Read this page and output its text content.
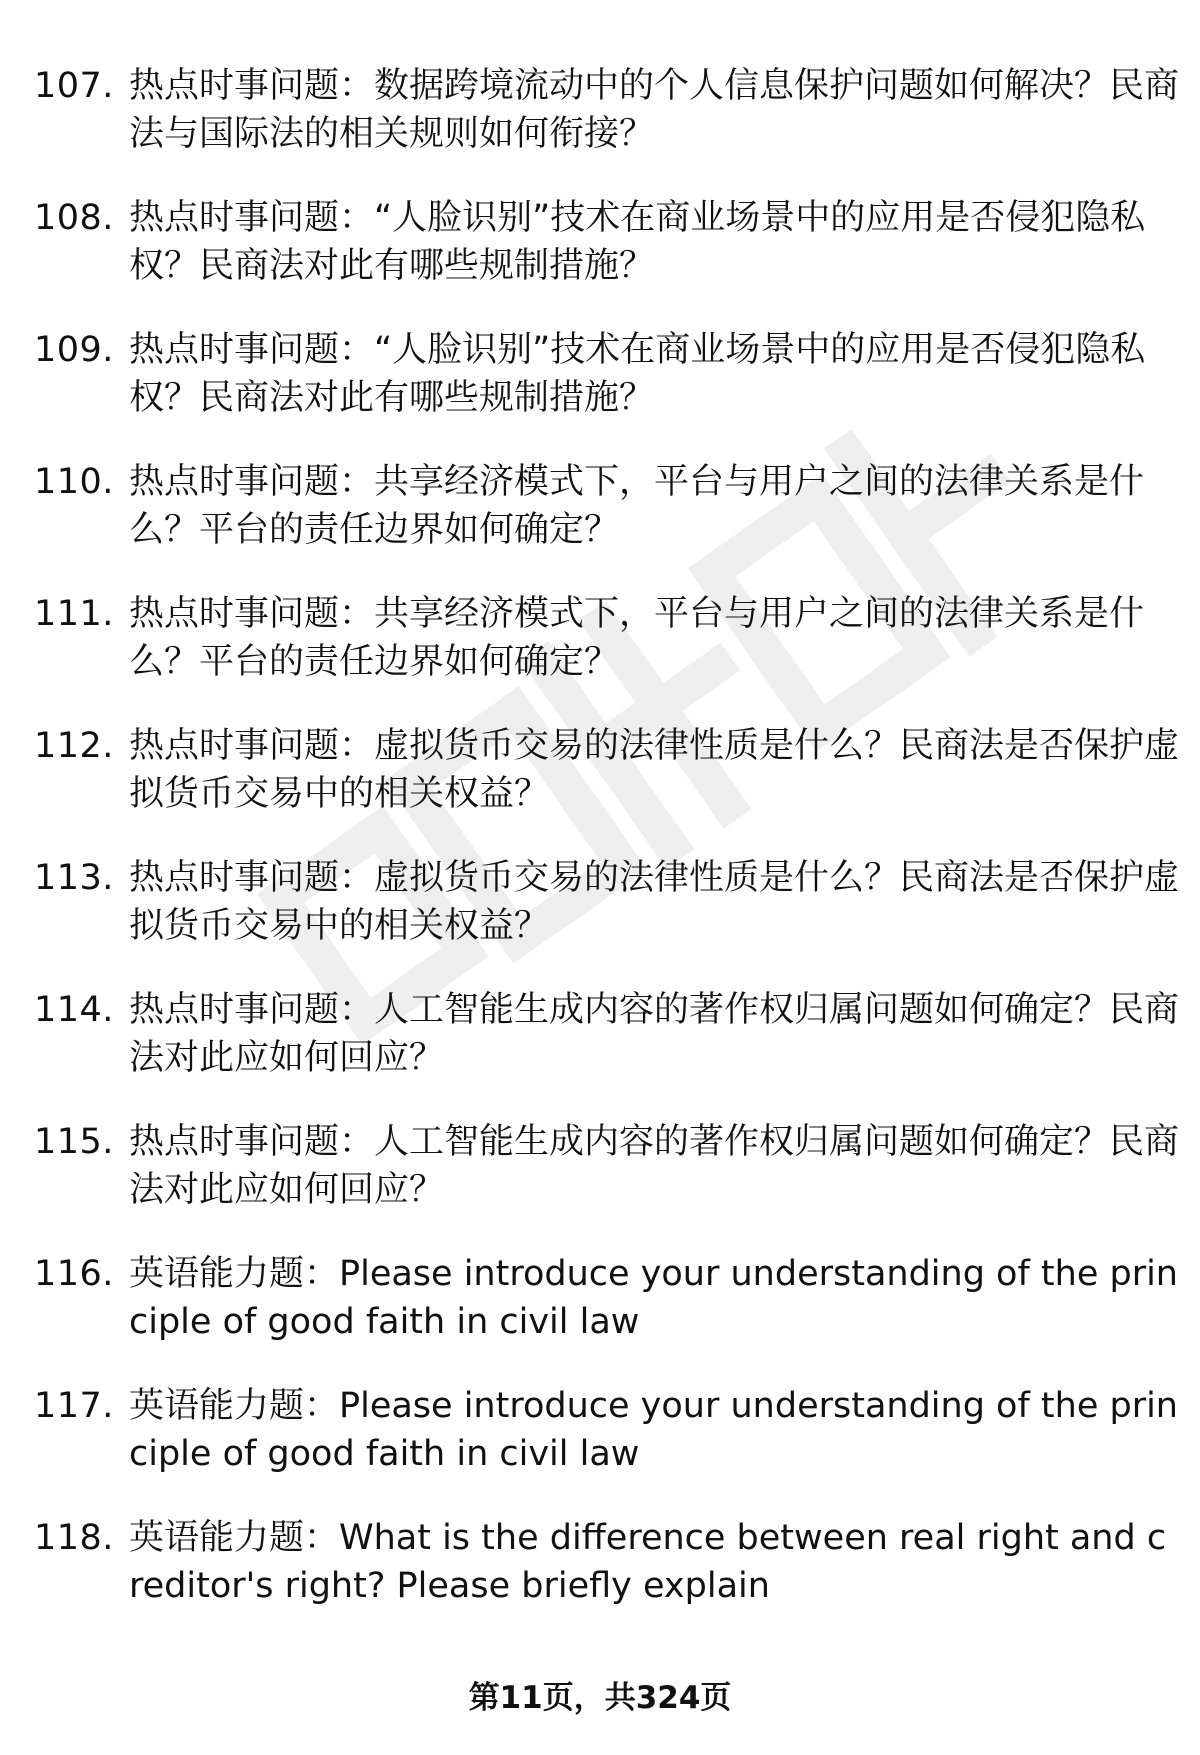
107. 热点时事问题：数据跨境流动中的个人信息保护问题如何解决？民商法与国际法的相关规则如何衔接？

108. 热点时事问题：“人脸识别”技术在商业场景中的应用是否侵犯隐私权？民商法对此有哪些规制措施？

109. 热点时事问题：“人脸识别”技术在商业场景中的应用是否侵犯隐私权？民商法对此有哪些规制措施？

110. 热点时事问题：共享经济模式下，平台与用户之间的法律关系是什么？平台的责任边界如何确定？

111. 热点时事问题：共享经济模式下，平台与用户之间的法律关系是什么？平台的责任边界如何确定？

112. 热点时事问题：虚拟货币交易的法律性质是什么？民商法是否保护虚拟货币交易中的相关权益？

113. 热点时事问题：虚拟货币交易的法律性质是什么？民商法是否保护虚拟货币交易中的相关权益？

114. 热点时事问题：人工智能生成内容的著作权归属问题如何确定？民商法对此应如何回应？

115. 热点时事问题：人工智能生成内容的著作权归属问题如何确定？民商法对此应如何回应？

116. 英语能力题：Please introduce your understanding of the principle of good faith in civil law

117. 英语能力题：Please introduce your understanding of the principle of good faith in civil law

118. 英语能力题：What is the difference between real right and creditor's right? Please briefly explain

第11页，共324页
